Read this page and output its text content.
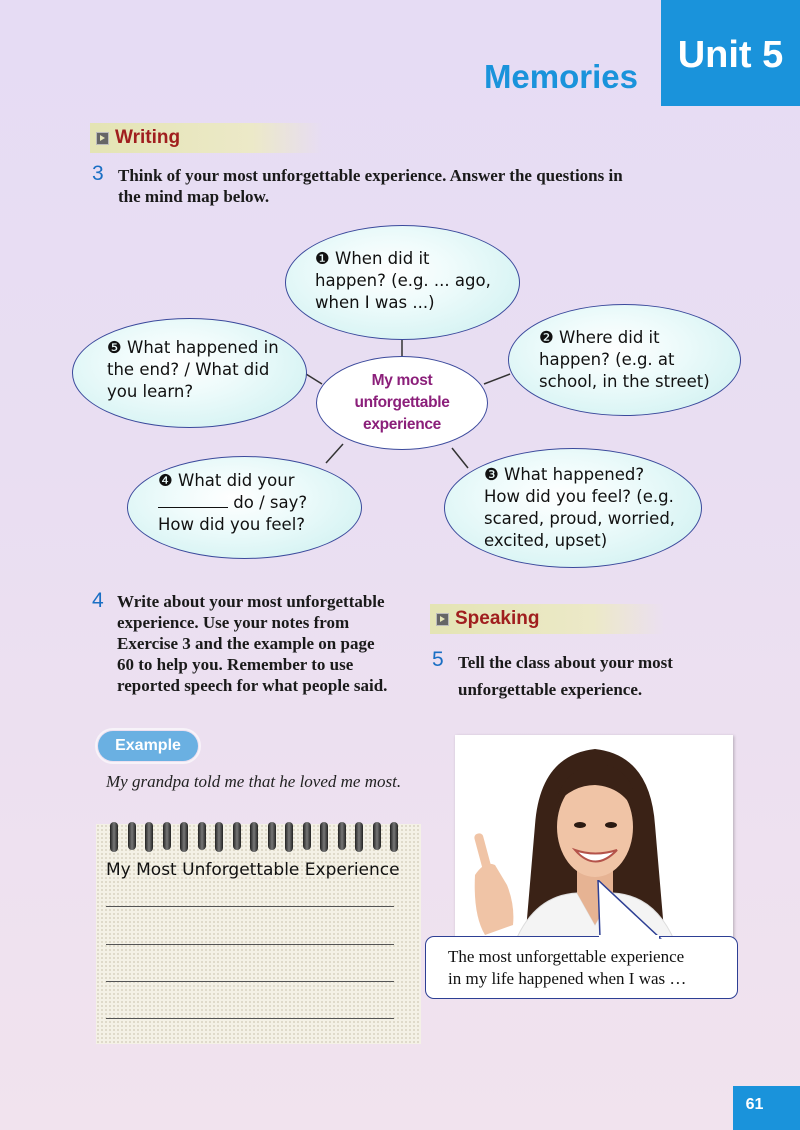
Unit 5
Memories
Writing
3 Think of your most unforgettable experience. Answer the questions in
the mind map below.
❶ When did it
happen? (e.g. ... ago,
when I was ...)
❷ Where did it
happen? (e.g. at
school, in the street)
❺ What happened in
the end? / What did
you learn?
My most unforgettable experience
❹ What did your
do / say?
How did you feel?
❸ What happened?
How did you feel? (e.g.
scared, proud, worried,
excited, upset)
4 Write about your most unforgettable
experience. Use your notes from
Exercise 3 and the example on page
60 to help you. Remember to use
reported speech for what people said.
Speaking
5 Tell the class about your most
unforgettable experience.
Example
My grandpa told me that he loved me most.
My Most Unforgettable Experience
The most unforgettable experience
in my life happened when I was …
61
